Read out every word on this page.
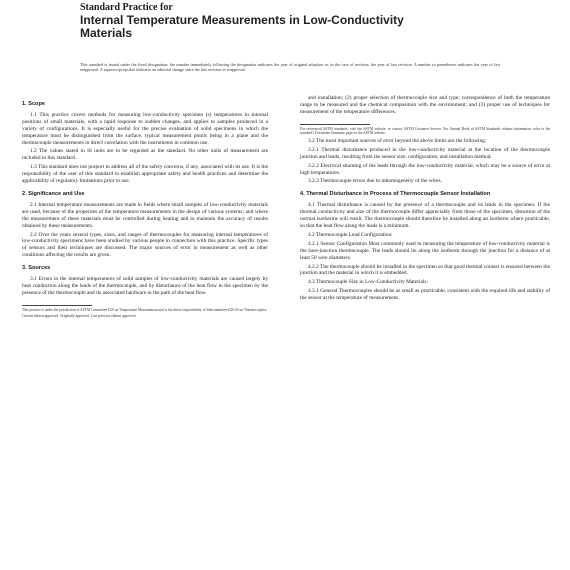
Standard Practice for
Internal Temperature Measurements in Low-Conductivity
Materials
This standard is issued under the fixed designation; the number immediately following the designation indicates the year of original adoption or, in the case of revision, the year of last revision. A number in parentheses indicates the year of last reapproval. A superscript epsilon indicates an editorial change since the last revision or reapproval.
1. Scope
1.1 This practice covers methods for measuring low-conductivity specimen (s) temperatures in internal positions of small materials, with a rapid response to sudden changes, and applies to samples produced in a variety of configurations. It is especially useful for the precise evaluation of solid specimens in which the temperature must be distinguished from the surface, typical measurement points being in a plane and the thermocouple measurements in direct correlation with the instruments in common use.
1.2 The values stated in SI units are to be regarded as the standard. No other units of measurement are included in this standard.
1.3 This standard does not purport to address all of the safety concerns, if any, associated with its use. It is the responsibility of the user of this standard to establish appropriate safety and health practices and determine the applicability of regulatory limitations prior to use.
2. Significance and Use
2.1 Internal temperature measurements are made in fields where small samples of low-conductivity materials are used, because of the properties of the temperature measurements in the design of various systems; and where the measurement of these materials must be controlled during heating and to maintain the accuracy of results obtained by these measurements.
2.2 Over the years several types, sizes, and ranges of thermocouples for measuring internal temperatures of low-conductivity specimens have been studied by various people in connection with this practice. Specific types of sensors and their techniques are discussed. The major sources of error in measurement as well as other conditions affecting the results are given.
3. Sources
3.1 Errors in the internal temperatures of solid samples of low-conductivity materials are caused largely by heat conduction along the leads of the thermocouple, and by disturbance of the heat flow in the specimen by the presence of the thermocouple and its associated hardware in the path of the heat flow.
This practice is under the jurisdiction of ASTM Committee E20 on Temperature Measurement and is the direct responsibility of Subcommittee E20.04 on Thermocouples.
Current edition approved. Originally approved. Last previous edition approved.
and installation; (2) proper selection of thermocouple size and type; correspondence of both the temperature range to be measured and the chemical composition with the environment; and (3) proper use of techniques for measurement of the temperature differences.
For referenced ASTM standards, visit the ASTM website, or contact ASTM Customer Service. For Annual Book of ASTM Standards volume information, refer to the standard's Document Summary page on the ASTM website.
3.2 The most important sources of error beyond the above limits are the following:
3.2.1 Thermal disturbance produced in the low-conductivity material at the location of the thermocouple junction and leads, resulting from the sensor size, configuration, and installation method.
3.2.2 Electrical shunting of the leads through the low-conductivity material, which may be a source of error at high temperatures.
3.2.3 Thermocouple errors due to inhomogeneity of the wires.
4. Thermal Disturbance in Process of Thermocouple Sensor Installation
4.1 Thermal disturbance is caused by the presence of a thermocouple and its leads in the specimen. If the thermal conductivity and size of the thermocouple differ appreciably from those of the specimen, distortion of the normal isotherms will result. The thermocouple should therefore be installed along an isotherm where practicable, so that the heat flow along the leads is a minimum.
4.2 Thermocouple Lead Configuration:
4.2.1 Sensor Configuration Most commonly used in measuring the temperature of low-conductivity material is the bare-junction thermocouple. The leads should lie along the isotherm through the junction for a distance of at least 50 wire diameters.
4.2.2 The thermocouple should be installed in the specimen so that good thermal contact is ensured between the junction and the material in which it is embedded.
4.3 Thermocouple Size in Low-Conductivity Materials:
4.3.1 General Thermocouples should be as small as practicable, consistent with the required life and stability of the sensor at the temperature of measurement.
